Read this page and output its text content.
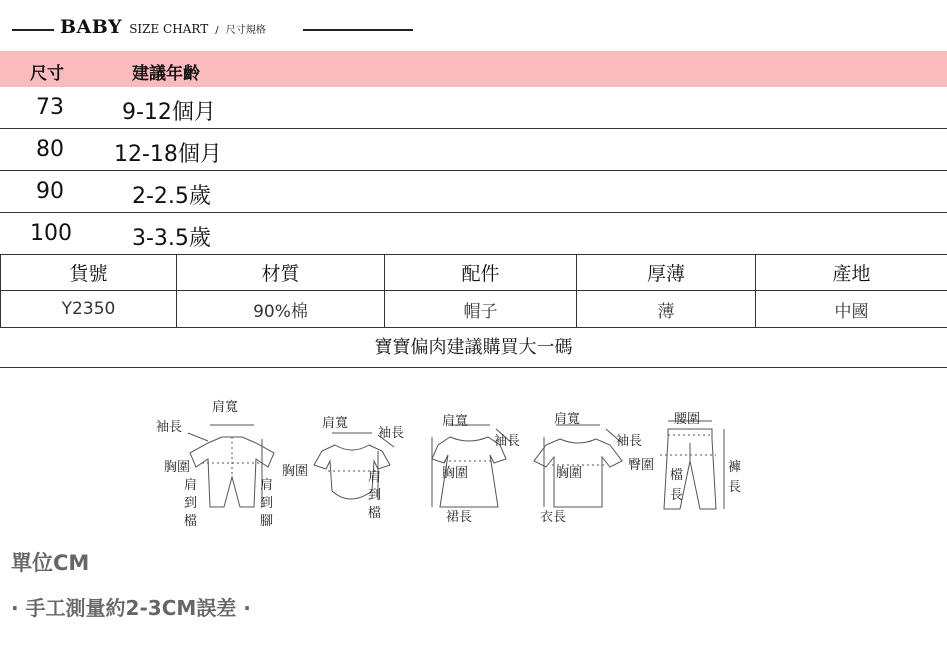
BABY SIZE CHART / 尺寸規格
尺寸	建議年齡
73	9-12個月
80 12-18個月
90	2-2.5歲
100	3-3.5歲
貨號	材質	配件	厚薄	產地
Y2350	90%棉	帽子	薄	中國
寶寶偏肉建議購買大一碼
肩寬
袖長
胸圍
肩
到
檔
肩
到
腳
肩寬
袖長
胸圍	肩
到
檔
肩寬
袖長
胸圍
裙長
肩寬
袖長
胸圍
衣長
腰圍
臀圍
檔
長
褲
長
單位CM
· 手工測量約2-3CM誤差 ·
